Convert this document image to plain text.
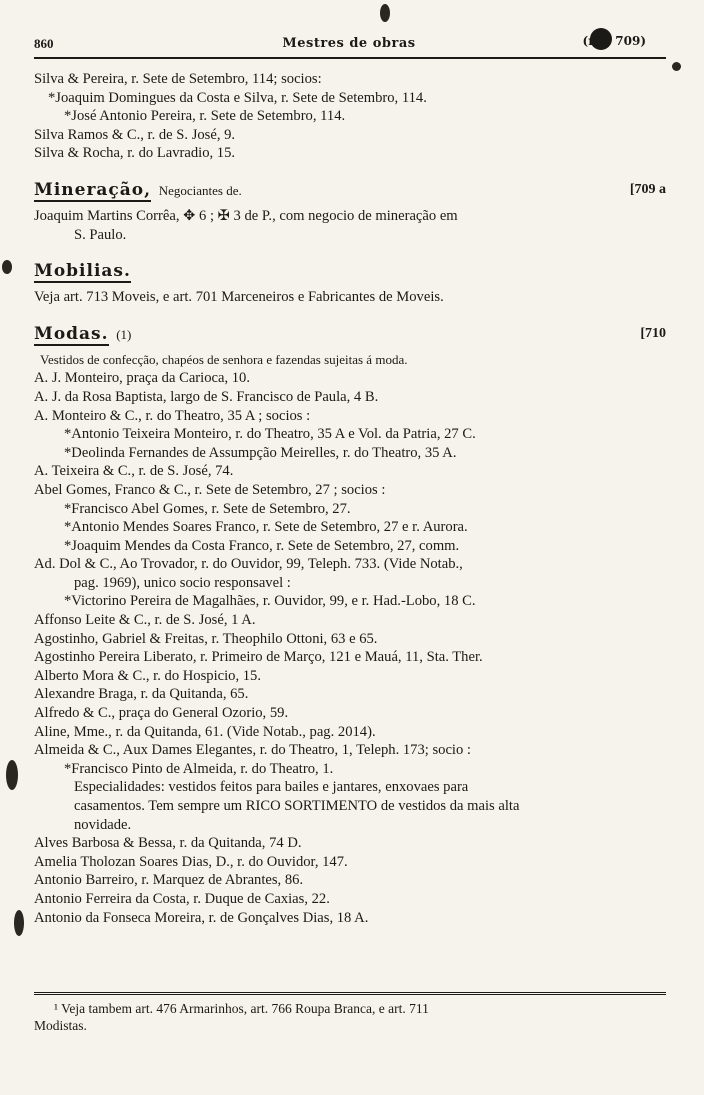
860	Mestres de obras	(ref. 709)
Silva & Pereira, r. Sete de Setembro, 114; socios:
*Joaquim Domingues da Costa e Silva, r. Sete de Setembro, 114.
*José Antonio Pereira, r. Sete de Setembro, 114.
Silva Ramos & C., r. de S. José, 9.
Silva & Rocha, r. do Lavradio, 15.
Mineração, Negociantes de.	[709 a
Joaquim Martins Corrêa, ✥ 6 ; ✠ 3 de P., com negocio de mineração em
S. Paulo.
Mobilias.
Veja art. 713 Moveis, e art. 701 Marceneiros e Fabricantes de Moveis.
Modas. (1)	[710
Vestidos de confecção, chapéos de senhora e fazendas sujeitas á moda.
A. J. Monteiro, praça da Carioca, 10.
A. J. da Rosa Baptista, largo de S. Francisco de Paula, 4 B.
A. Monteiro & C., r. do Theatro, 35 A ; socios :
*Antonio Teixeira Monteiro, r. do Theatro, 35 A e Vol. da Patria, 27 C.
*Deolinda Fernandes de Assumpção Meirelles, r. do Theatro, 35 A.
A. Teixeira & C., r. de S. José, 74.
Abel Gomes, Franco & C., r. Sete de Setembro, 27 ; socios :
*Francisco Abel Gomes, r. Sete de Setembro, 27.
*Antonio Mendes Soares Franco, r. Sete de Setembro, 27 e r. Aurora.
*Joaquim Mendes da Costa Franco, r. Sete de Setembro, 27, comm.
Ad. Dol & C., Ao Trovador, r. do Ouvidor, 99, Teleph. 733. (Vide Notab.,
pag. 1969), unico socio responsavel :
*Victorino Pereira de Magalhães, r. Ouvidor, 99, e r. Had.-Lobo, 18 C.
Affonso Leite & C., r. de S. José, 1 A.
Agostinho, Gabriel & Freitas, r. Theophilo Ottoni, 63 e 65.
Agostinho Pereira Liberato, r. Primeiro de Março, 121 e Mauá, 11, Sta. Ther.
Alberto Mora & C., r. do Hospicio, 15.
Alexandre Braga, r. da Quitanda, 65.
Alfredo & C., praça do General Ozorio, 59.
Aline, Mme., r. da Quitanda, 61. (Vide Notab., pag. 2014).
Almeida & C., Aux Dames Elegantes, r. do Theatro, 1, Teleph. 173; socio :
*Francisco Pinto de Almeida, r. do Theatro, 1.
Especialidades: vestidos feitos para bailes e jantares, enxovaes para
casamentos. Tem sempre um RICO SORTIMENTO de vestidos da mais alta
novidade.
Alves Barbosa & Bessa, r. da Quitanda, 74 D.
Amelia Tholozan Soares Dias, D., r. do Ouvidor, 147.
Antonio Barreiro, r. Marquez de Abrantes, 86.
Antonio Ferreira da Costa, r. Duque de Caxias, 22.
Antonio da Fonseca Moreira, r. de Gonçalves Dias, 18 A.
¹ Veja tambem art. 476 Armarinhos, art. 766 Roupa Branca, e art. 711
Modistas.
